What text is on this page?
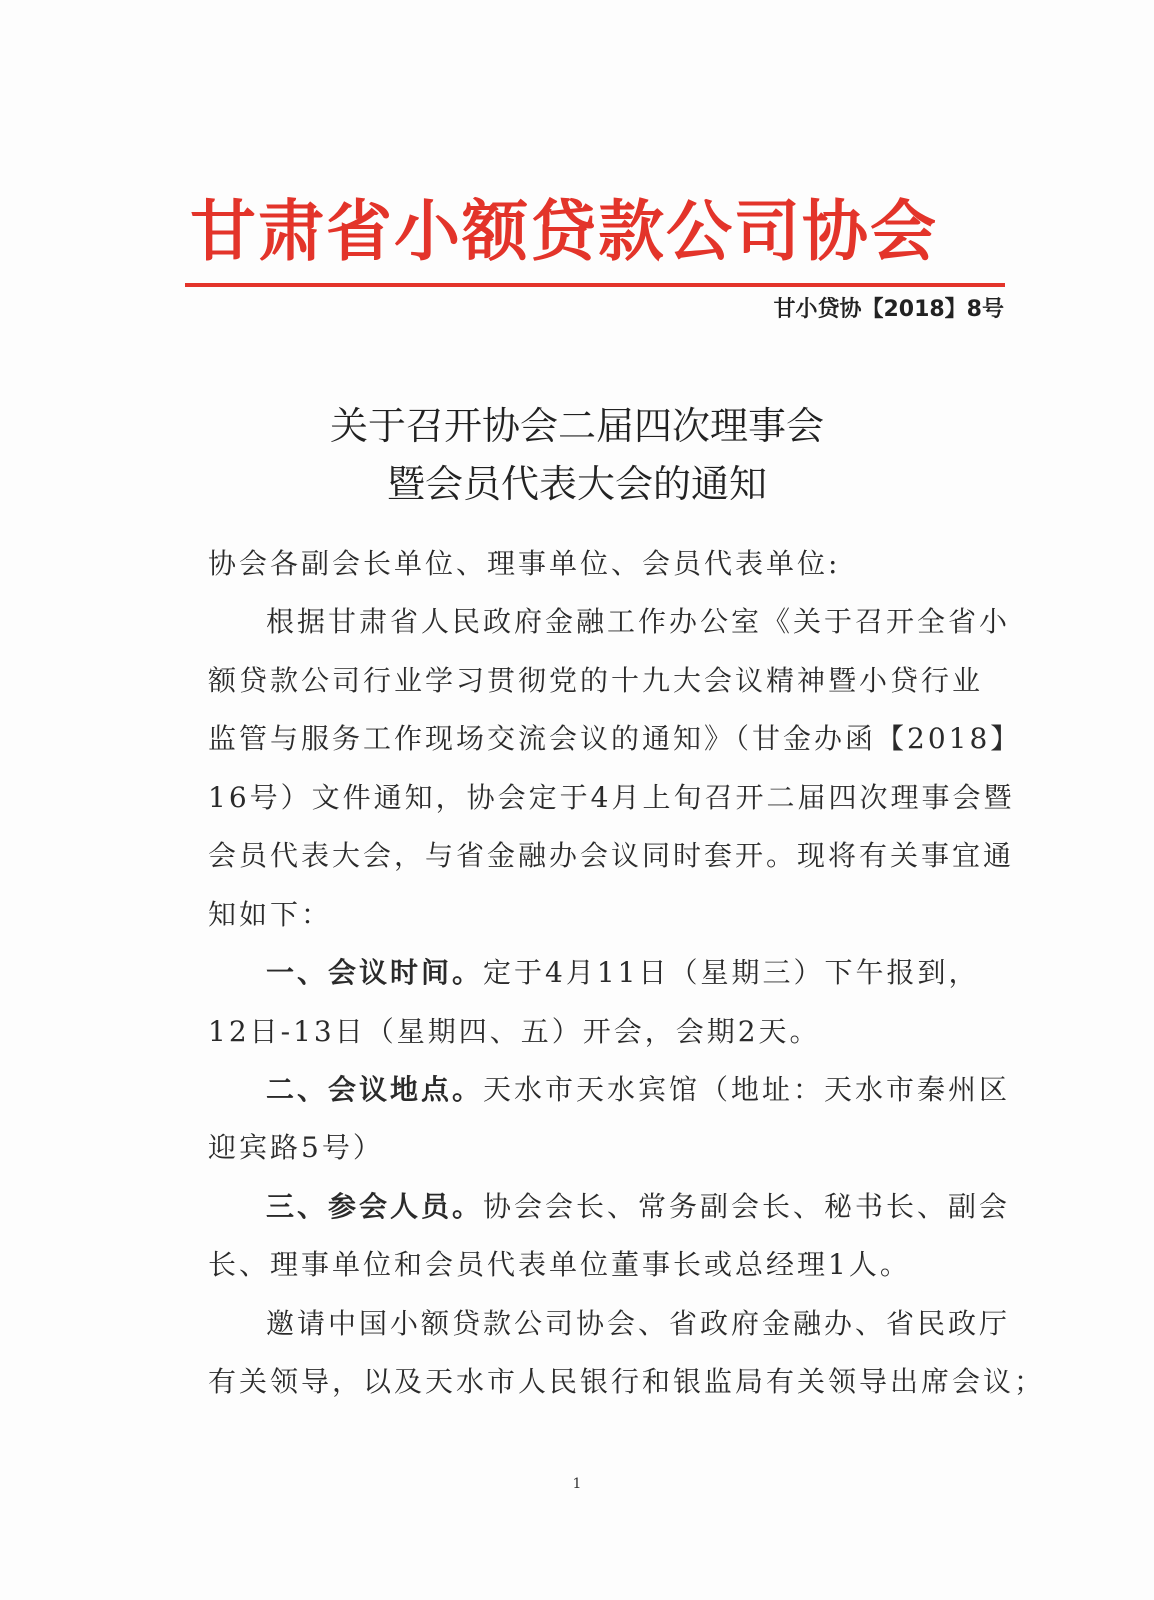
甘肃省小额贷款公司协会
甘小贷协【2018】8号
关于召开协会二届四次理事会
暨会员代表大会的通知
协会各副会长单位、理事单位、会员代表单位:
根据甘肃省人民政府金融工作办公室《关于召开全省小
额贷款公司行业学习贯彻党的十九大会议精神暨小贷行业
监管与服务工作现场交流会议的通知》（甘金办函【2018】
16号）文件通知，协会定于4月上旬召开二届四次理事会暨
会员代表大会，与省金融办会议同时套开。现将有关事宜通
知如下：
一、会议时间。定于4月11日（星期三）下午报到，
12日-13日（星期四、五）开会，会期2天。
二、会议地点。天水市天水宾馆（地址：天水市秦州区
迎宾路5号）
三、参会人员。协会会长、常务副会长、秘书长、副会
长、理事单位和会员代表单位董事长或总经理1人。
邀请中国小额贷款公司协会、省政府金融办、省民政厅
有关领导，以及天水市人民银行和银监局有关领导出席会议；
1
